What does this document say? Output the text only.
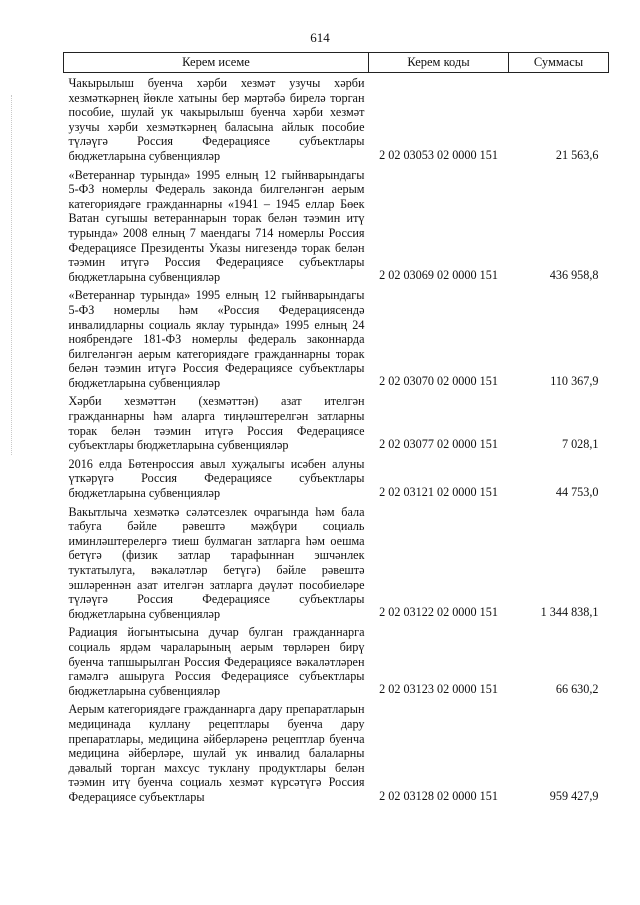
614
Керем исеме	Керем коды	Суммасы
Чакырылыш буенча хәрби хезмәт узучы хәрби хезмәткәрнең йөкле хатыны бер мәртәбә бирелә торган пособие, шулай ук чакырылыш буенча хәрби хезмәт узучы хәрби хезмәткәрнең баласына айлык пособие түләүгә Россия Федерациясе субъектлары бюджетларына субвенцияләр	2 02 03053 02 0000 151	21 563,6
«Ветераннар турында» 1995 елның 12 гыйнварындагы 5-ФЗ номерлы Федераль законда билгеләнгән аерым категориядәге гражданнарны «1941 – 1945 еллар Бөек Ватан сугышы ветераннарын торак белән тәэмин итү турында» 2008 елның 7 маендагы 714 номерлы Россия Федерациясе Президенты Указы нигезендә торак белән тәэмин итүгә Россия Федерациясе субъектлары бюджетларына субвенцияләр	2 02 03069 02 0000 151	436 958,8
«Ветераннар турында» 1995 елның 12 гыйнварындагы 5-ФЗ номерлы һәм «Россия Федерациясендә инвалидларны социаль яклау турында» 1995 елның 24 ноябрендәге 181-ФЗ номерлы федераль законнарда билгеләнгән аерым категориядәге гражданнарны торак белән тәэмин итүгә Россия Федерациясе субъектлары бюджетларына субвенцияләр	2 02 03070 02 0000 151	110 367,9
Хәрби хезмәттән (хезмәттән) азат ителгән гражданнарны һәм аларга тиңләштерелгән затларны торак белән тәэмин итүгә Россия Федерациясе субъектлары бюджетларына субвенцияләр	2 02 03077 02 0000 151	7 028,1
2016 елда Бөтенроссия авыл хуҗалыгы исәбен алуны үткәрүгә Россия Федерациясе субъектлары бюджетларына субвенцияләр	2 02 03121 02 0000 151	44 753,0
Вакытлыча хезмәткә сәләтсезлек очрагында һәм бала табуга бәйле рәвештә мәҗбүри социаль иминләштерелергә тиеш булмаган затларга һәм оешма бетүгә (физик затлар тарафыннан эшчәнлек туктатылуга, вәкаләтләр бетүгә) бәйле рәвештә эшләреннән азат ителгән затларга дәүләт пособиеләре түләүгә Россия Федерациясе субъектлары бюджетларына субвенцияләр	2 02 03122 02 0000 151	1 344 838,1
Радиация йогынтысына дучар булган гражданнарга социаль ярдәм чараларының аерым төрләрен бирү буенча тапшырылган Россия Федерациясе вәкаләтләрен гамәлгә ашыруга Россия Федерациясе субъектлары бюджетларына субвенцияләр	2 02 03123 02 0000 151	66 630,2
Аерым категориядәге гражданнарга дару препаратларын медицинада куллану рецептлары буенча дару препаратлары, медицина әйберләренә рецептлар буенча медицина әйберләре, шулай ук инвалид балаларны дәвалый торган махсус туклану продуктлары белән тәэмин итү буенча социаль хезмәт күрсәтүгә Россия Федерациясе субъектлары	2 02 03128 02 0000 151	959 427,9
